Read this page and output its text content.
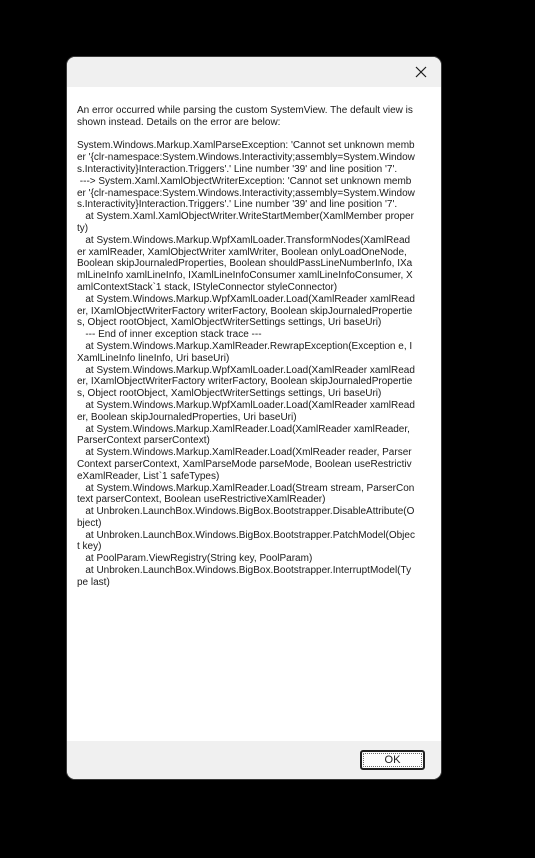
An error occurred while parsing the custom SystemView. The default view is shown instead. Details on the error are below:

System.Windows.Markup.XamlParseException: 'Cannot set unknown member '{clr-namespace:System.Windows.Interactivity;assembly=System.Windows.Interactivity}Interaction.Triggers'.' Line number '39' and line position '7'.
---> System.Xaml.XamlObjectWriterException: 'Cannot set unknown member '{clr-namespace:System.Windows.Interactivity;assembly=System.Windows.Interactivity}Interaction.Triggers'.' Line number '39' and line position '7'.
at System.Xaml.XamlObjectWriter.WriteStartMember(XamlMember property)
at System.Windows.Markup.WpfXamlLoader.TransformNodes(XamlReader xamlReader, XamlObjectWriter xamlWriter, Boolean onlyLoadOneNode, Boolean skipJournaledProperties, Boolean shouldPassLineNumberInfo, IXamlLineInfo xamlLineInfo, IXamlLineInfoConsumer xamlLineInfoConsumer, XamlContextStack`1 stack, IStyleConnector styleConnector)
at System.Windows.Markup.WpfXamlLoader.Load(XamlReader xamlReader, IXamlObjectWriterFactory writerFactory, Boolean skipJournaledProperties, Object rootObject, XamlObjectWriterSettings settings, Uri baseUri)
--- End of inner exception stack trace ---
at System.Windows.Markup.XamlReader.RewrapException(Exception e, IXamlLineInfo lineInfo, Uri baseUri)
at System.Windows.Markup.WpfXamlLoader.Load(XamlReader xamlReader, IXamlObjectWriterFactory writerFactory, Boolean skipJournaledProperties, Object rootObject, XamlObjectWriterSettings settings, Uri baseUri)
at System.Windows.Markup.WpfXamlLoader.Load(XamlReader xamlReader, Boolean skipJournaledProperties, Uri baseUri)
at System.Windows.Markup.XamlReader.Load(XamlReader xamlReader, ParserContext parserContext)
at System.Windows.Markup.XamlReader.Load(XmlReader reader, ParserContext parserContext, XamlParseMode parseMode, Boolean useRestrictiveXamlReader, List`1 safeTypes)
at System.Windows.Markup.XamlReader.Load(Stream stream, ParserContext parserContext, Boolean useRestrictiveXamlReader)
at Unbroken.LaunchBox.Windows.BigBox.Bootstrapper.DisableAttribute(Object)
at Unbroken.LaunchBox.Windows.BigBox.Bootstrapper.PatchModel(Object key)
at PoolParam.ViewRegistry(String key, PoolParam)
at Unbroken.LaunchBox.Windows.BigBox.Bootstrapper.InterruptModel(Type last)
OK
